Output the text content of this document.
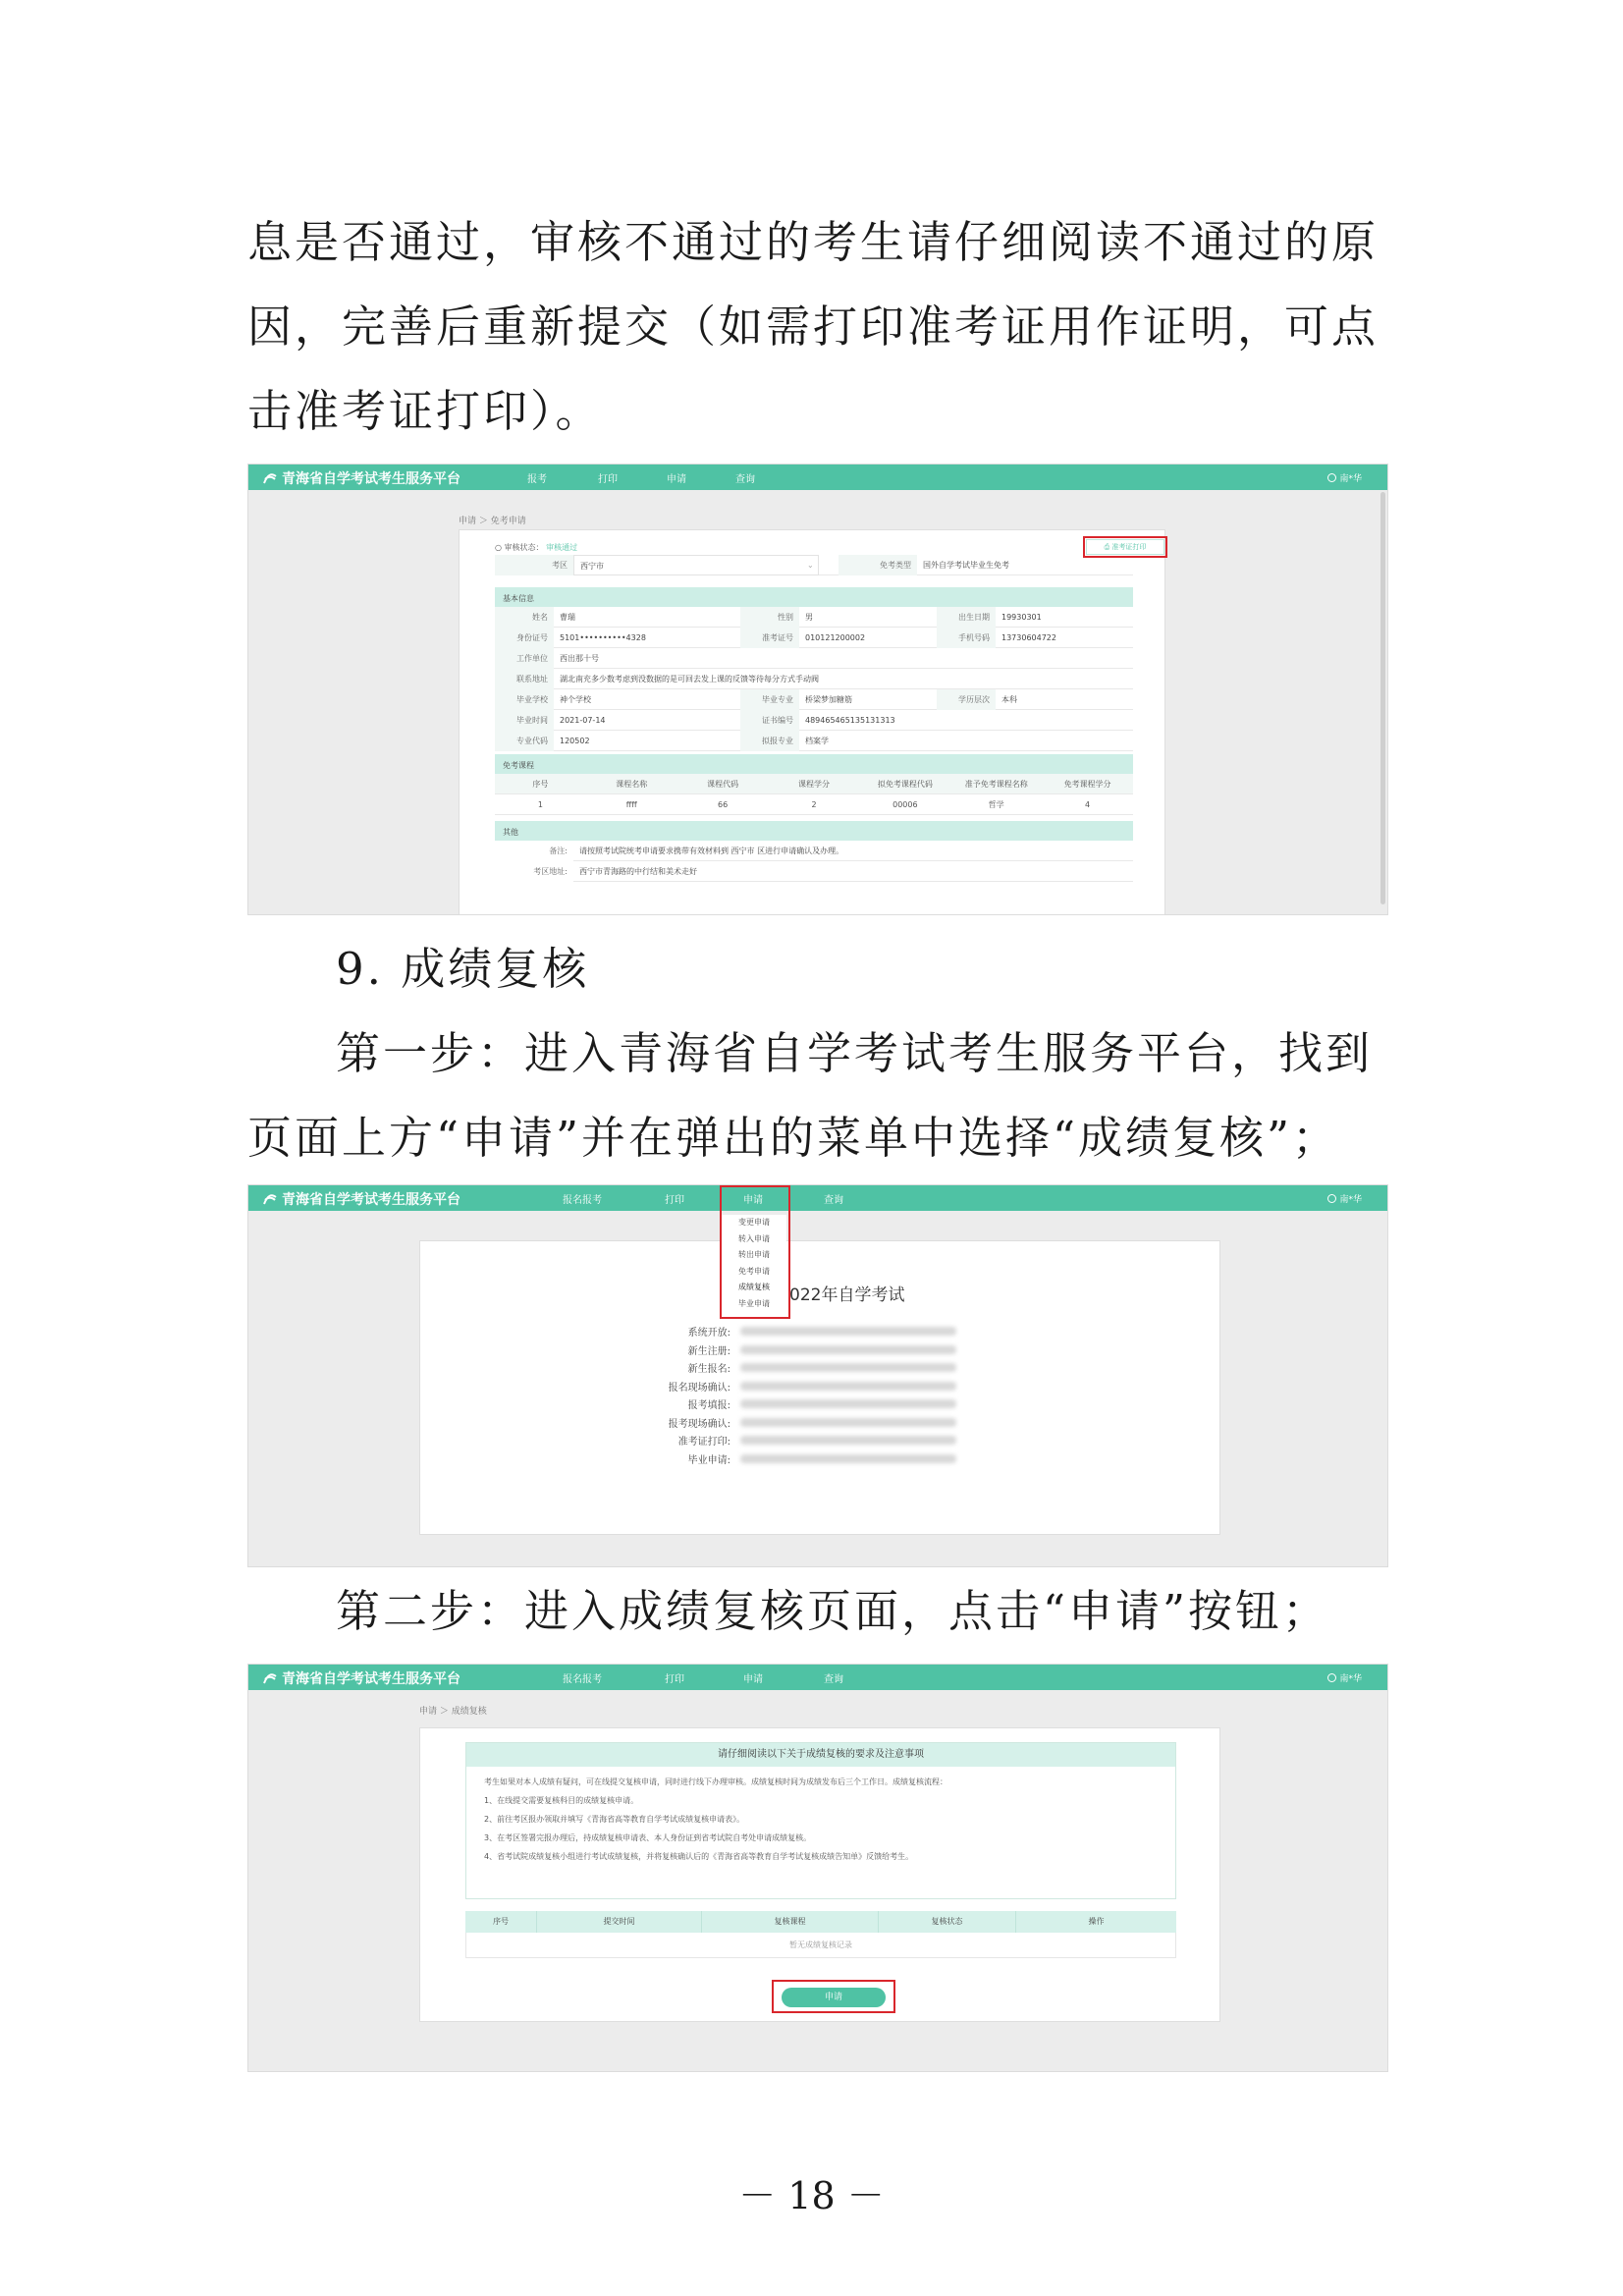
息是否通过，审核不通过的考生请仔细阅读不通过的原因，完善后重新提交（如需打印准考证用作证明，可点击准考证打印）。
青海省自学考试考生服务平台	报考	打印	申请	查询	南*华
申请 ＞ 免考申请
○ 审核状态： 审核通过	⎙ 准考证打印
考区	西宁市	⌄	免考类型	国外自学考试毕业生免考
基本信息
姓名	曹瑞	性别	男	出生日期	19930301
身份证号	5101••••••••••4328	准考证号	010121200002	手机号码	13730604722
工作单位	西出那十号
联系地址	湖北南充多少数考虑到没数据的是可回去发上课的反馈等待每分方式手动阀
毕业学校	神个学校	毕业专业	桥梁梦加糖筋	学历层次	本科
毕业时间	2021-07-14	证书编号	489465465135131313
专业代码	120502	拟报专业	档案学
免考课程
序号	课程名称	课程代码	课程学分	拟免考课程代码	准予免考课程名称	免考课程学分
1	ffff	66	2	00006	哲学	4
其他
备注:	请按照考试院统考申请要求携带有效材料到 西宁市 区进行申请确认及办理。
考区地址:	西宁市青海路的中行结和美术走好
9. 成绩复核
第一步：进入青海省自学考试考生服务平台，找到页面上方“申请”并在弹出的菜单中选择“成绩复核”；
青海省自学考试考生服务平台	报名报考	打印	申请	查询	南*华
022年自学考试
系统开放:
新生注册:
新生报名:
报名现场确认:
报考填报:
报考现场确认:
准考证打印:
毕业申请:
变更申请
转入申请
转出申请
免考申请
成绩复核
毕业申请
第二步：进入成绩复核页面，点击“申请”按钮；
青海省自学考试考生服务平台	报名报考	打印	申请	查询	南*华
申请 ＞ 成绩复核
请仔细阅读以下关于成绩复核的要求及注意事项
考生如果对本人成绩有疑问，可在线提交复核申请，同时进行线下办理审核。成绩复核时间为成绩发布后三个工作日。成绩复核流程：
1、在线提交需要复核科目的成绩复核申请。
2、前往考区报办领取并填写《青海省高等教育自学考试成绩复核申请表》。
3、在考区签署完报办理后，持成绩复核申请表、本人身份证到省考试院自考处申请成绩复核。
4、省考试院成绩复核小组进行考试成绩复核，并将复核确认后的《青海省高等教育自学考试复核成绩告知单》反馈给考生。
序号	提交时间	复核课程	复核状态	操作
暂无成绩复核记录
申请
－ 18 －
